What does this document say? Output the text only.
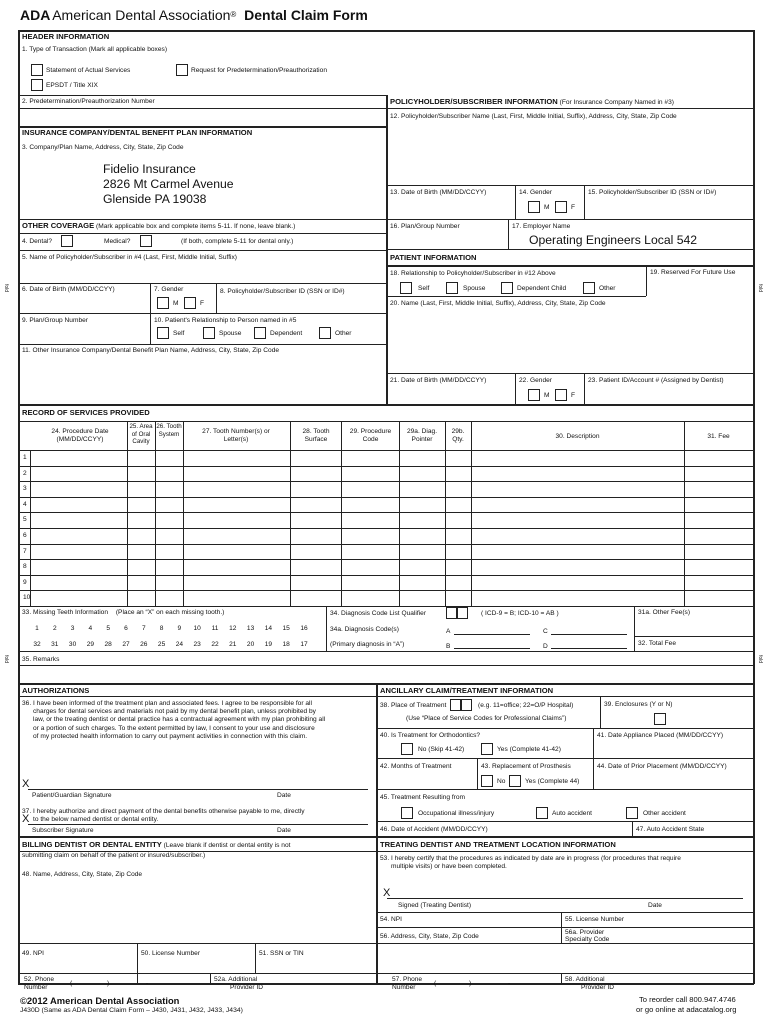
ADA American Dental Association® Dental Claim Form
fold	fold
fold	fold
HEADER INFORMATION
1. Type of Transaction (Mark all applicable boxes)
Statement of Actual Services	Request for Predetermination/Preauthorization
EPSDT / Title XIX
2. Predetermination/Preauthorization Number
INSURANCE COMPANY/DENTAL BENEFIT PLAN INFORMATION
3. Company/Plan Name, Address, City, State, Zip Code
Fidelio Insurance
2826 Mt Carmel Avenue
Glenside PA 19038
OTHER COVERAGE (Mark applicable box and complete items 5-11. If none, leave blank.)
4. Dental?	Medical?	(If both, complete 5-11 for dental only.)
5. Name of Policyholder/Subscriber in #4 (Last, First, Middle Initial, Suffix)
6. Date of Birth (MM/DD/CCYY)	7. Gender
M	F
8. Policyholder/Subscriber ID (SSN or ID#)
9. Plan/Group Number	10. Patient's Relationship to Person named in #5
Self	Spouse	Dependent	Other
11. Other Insurance Company/Dental Benefit Plan Name, Address, City, State, Zip Code
POLICYHOLDER/SUBSCRIBER INFORMATION (For Insurance Company Named in #3)
12. Policyholder/Subscriber Name (Last, First, Middle Initial, Suffix), Address, City, State, Zip Code
13. Date of Birth (MM/DD/CCYY)	14. Gender
M	F
15. Policyholder/Subscriber ID (SSN or ID#)
16. Plan/Group Number	17. Employer Name
Operating Engineers Local 542
PATIENT INFORMATION
18. Relationship to Policyholder/Subscriber in #12 Above
Self	Spouse	Dependent Child	Other
19. Reserved For Future Use
20. Name (Last, First, Middle Initial, Suffix), Address, City, State, Zip Code
21. Date of Birth (MM/DD/CCYY)	22. Gender
M	F
23. Patient ID/Account # (Assigned by Dentist)
RECORD OF SERVICES PROVIDED
24. Procedure Date (MM/DD/CCYY)
25. Area of Oral Cavity
26. Tooth System	27. Tooth Number(s) or Letter(s)
28. Tooth Surface
29. Procedure Code
29a. Diag. Pointer
29b. Qty.	30. Description	31. Fee
1
2
3
4
5
6
7
8
9
10
33. Missing Teeth Information (Place an “X” on each missing tooth.)
1	2	3	4	5	6	7	8	9	10	11	12	13	14	15	16
32	31	30	29	28	27	26	25	24	23	22	21	20	19	18	17
34. Diagnosis Code List Qualifier	( ICD-9 = B; ICD-10 = AB )
34a. Diagnosis Code(s)
(Primary diagnosis in “A”)
A
B
C
D
31a. Other Fee(s)
32. Total Fee
35. Remarks
AUTHORIZATIONS
36. I have been informed of the treatment plan and associated fees. I agree to be responsible for all
charges for dental services and materials not paid by my dental benefit plan, unless prohibited by
law, or the treating dentist or dental practice has a contractual agreement with my plan prohibiting all
or a portion of such charges. To the extent permitted by law, I consent to your use and disclosure
of my protected health information to carry out payment activities in connection with this claim.
X
Patient/Guardian Signature	Date
37. I hereby authorize and direct payment of the dental benefits otherwise payable to me, directly
to the below named dentist or dental entity.
X
Subscriber Signature	Date
ANCILLARY CLAIM/TREATMENT INFORMATION
38. Place of Treatment	(e.g. 11=office; 22=O/P Hospital)
(Use “Place of Service Codes for Professional Claims”)
39. Enclosures (Y or N)
40. Is Treatment for Orthodontics?
No (Skip 41-42)	Yes (Complete 41-42)
41. Date Appliance Placed (MM/DD/CCYY)
42. Months of Treatment	43. Replacement of Prosthesis
No	Yes (Complete 44)
44. Date of Prior Placement (MM/DD/CCYY)
45. Treatment Resulting from
Occupational illness/injury	Auto accident	Other accident
46. Date of Accident (MM/DD/CCYY)	47. Auto Accident State
BILLING DENTIST OR DENTAL ENTITY (Leave blank if dentist or dental entity is not
submitting claim on behalf of the patient or insured/subscriber.)
48. Name, Address, City, State, Zip Code
49. NPI	50. License Number	51. SSN or TIN
52. Phone
Number
(	)	-
52a. Additional
Provider ID
TREATING DENTIST AND TREATMENT LOCATION INFORMATION
53. I hereby certify that the procedures as indicated by date are in progress (for procedures that require
multiple visits) or have been completed.
X
Signed (Treating Dentist)	Date
54. NPI	55. License Number
56. Address, City, State, Zip Code
56a. Provider
Specialty Code
57. Phone
Number
(	)	-
58. Additional
Provider ID
©2012 American Dental Association
J430D (Same as ADA Dental Claim Form – J430, J431, J432, J433, J434)
To reorder call 800.947.4746
or go online at adacatalog.org
